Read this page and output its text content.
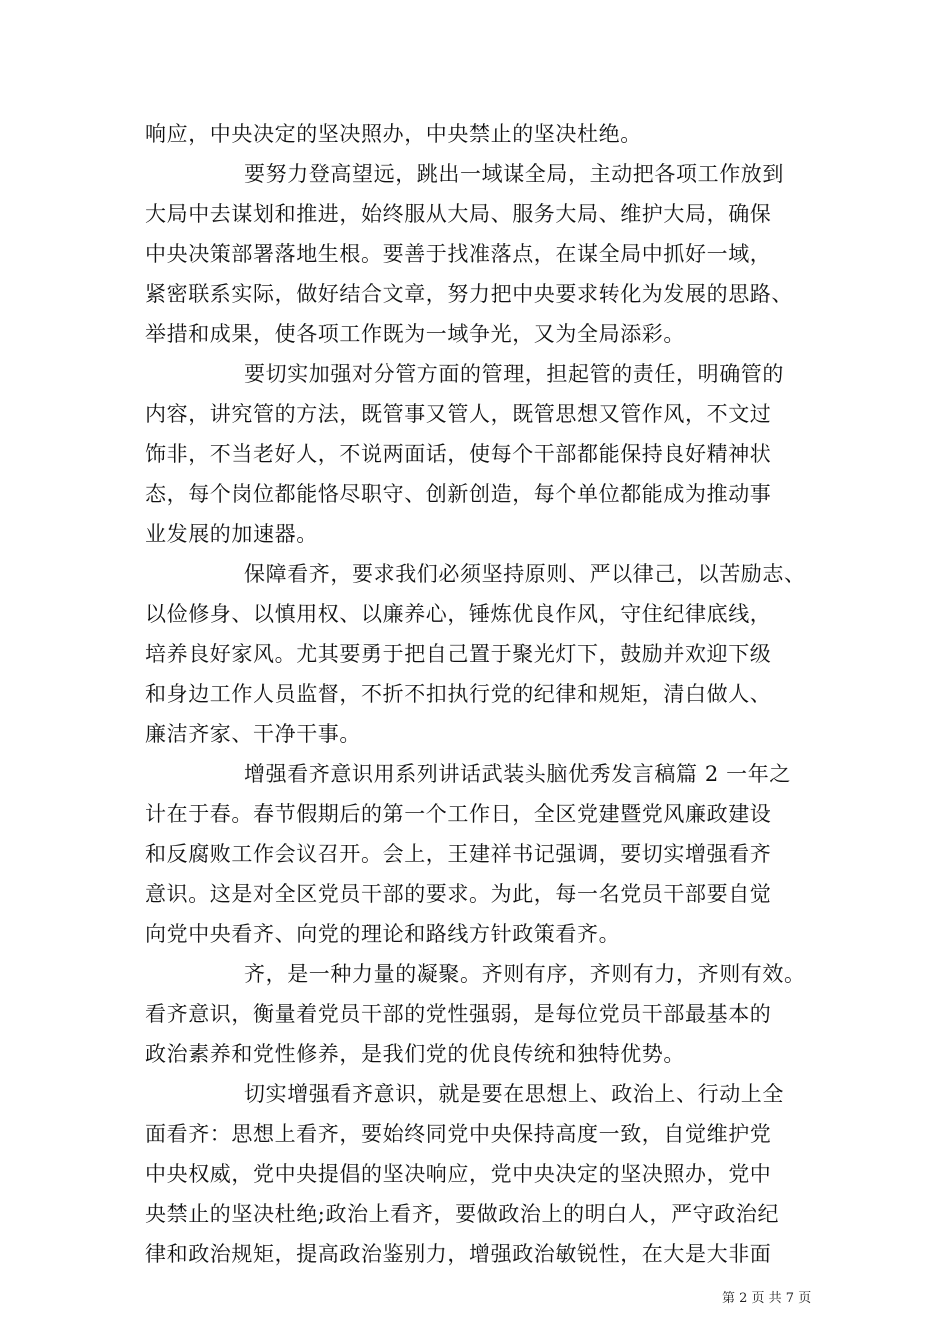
响应，中央决定的坚决照办，中央禁止的坚决杜绝。
要努力登高望远，跳出一域谋全局，主动把各项工作放到
大局中去谋划和推进，始终服从大局、服务大局、维护大局，确保
中央决策部署落地生根。要善于找准落点，在谋全局中抓好一域，
紧密联系实际，做好结合文章，努力把中央要求转化为发展的思路、
举措和成果，使各项工作既为一域争光，又为全局添彩。
要切实加强对分管方面的管理，担起管的责任，明确管的
内容，讲究管的方法，既管事又管人，既管思想又管作风，不文过
饰非，不当老好人，不说两面话，使每个干部都能保持良好精神状
态，每个岗位都能恪尽职守、创新创造，每个单位都能成为推动事
业发展的加速器。
保障看齐，要求我们必须坚持原则、严以律己，以苦励志、
以俭修身、以慎用权、以廉养心，锤炼优良作风，守住纪律底线，
培养良好家风。尤其要勇于把自己置于聚光灯下，鼓励并欢迎下级
和身边工作人员监督，不折不扣执行党的纪律和规矩，清白做人、
廉洁齐家、干净干事。
增强看齐意识用系列讲话武装头脑优秀发言稿篇 2 一年之
计在于春。春节假期后的第一个工作日，全区党建暨党风廉政建设
和反腐败工作会议召开。会上，王建祥书记强调，要切实增强看齐
意识。这是对全区党员干部的要求。为此，每一名党员干部要自觉
向党中央看齐、向党的理论和路线方针政策看齐。
齐，是一种力量的凝聚。齐则有序，齐则有力，齐则有效。
看齐意识，衡量着党员干部的党性强弱，是每位党员干部最基本的
政治素养和党性修养，是我们党的优良传统和独特优势。
切实增强看齐意识，就是要在思想上、政治上、行动上全
面看齐：思想上看齐，要始终同党中央保持高度一致，自觉维护党
中央权威，党中央提倡的坚决响应，党中央决定的坚决照办，党中
央禁止的坚决杜绝;政治上看齐，要做政治上的明白人，严守政治纪
律和政治规矩，提高政治鉴别力，增强政治敏锐性，在大是大非面
第 2 页 共 7 页
